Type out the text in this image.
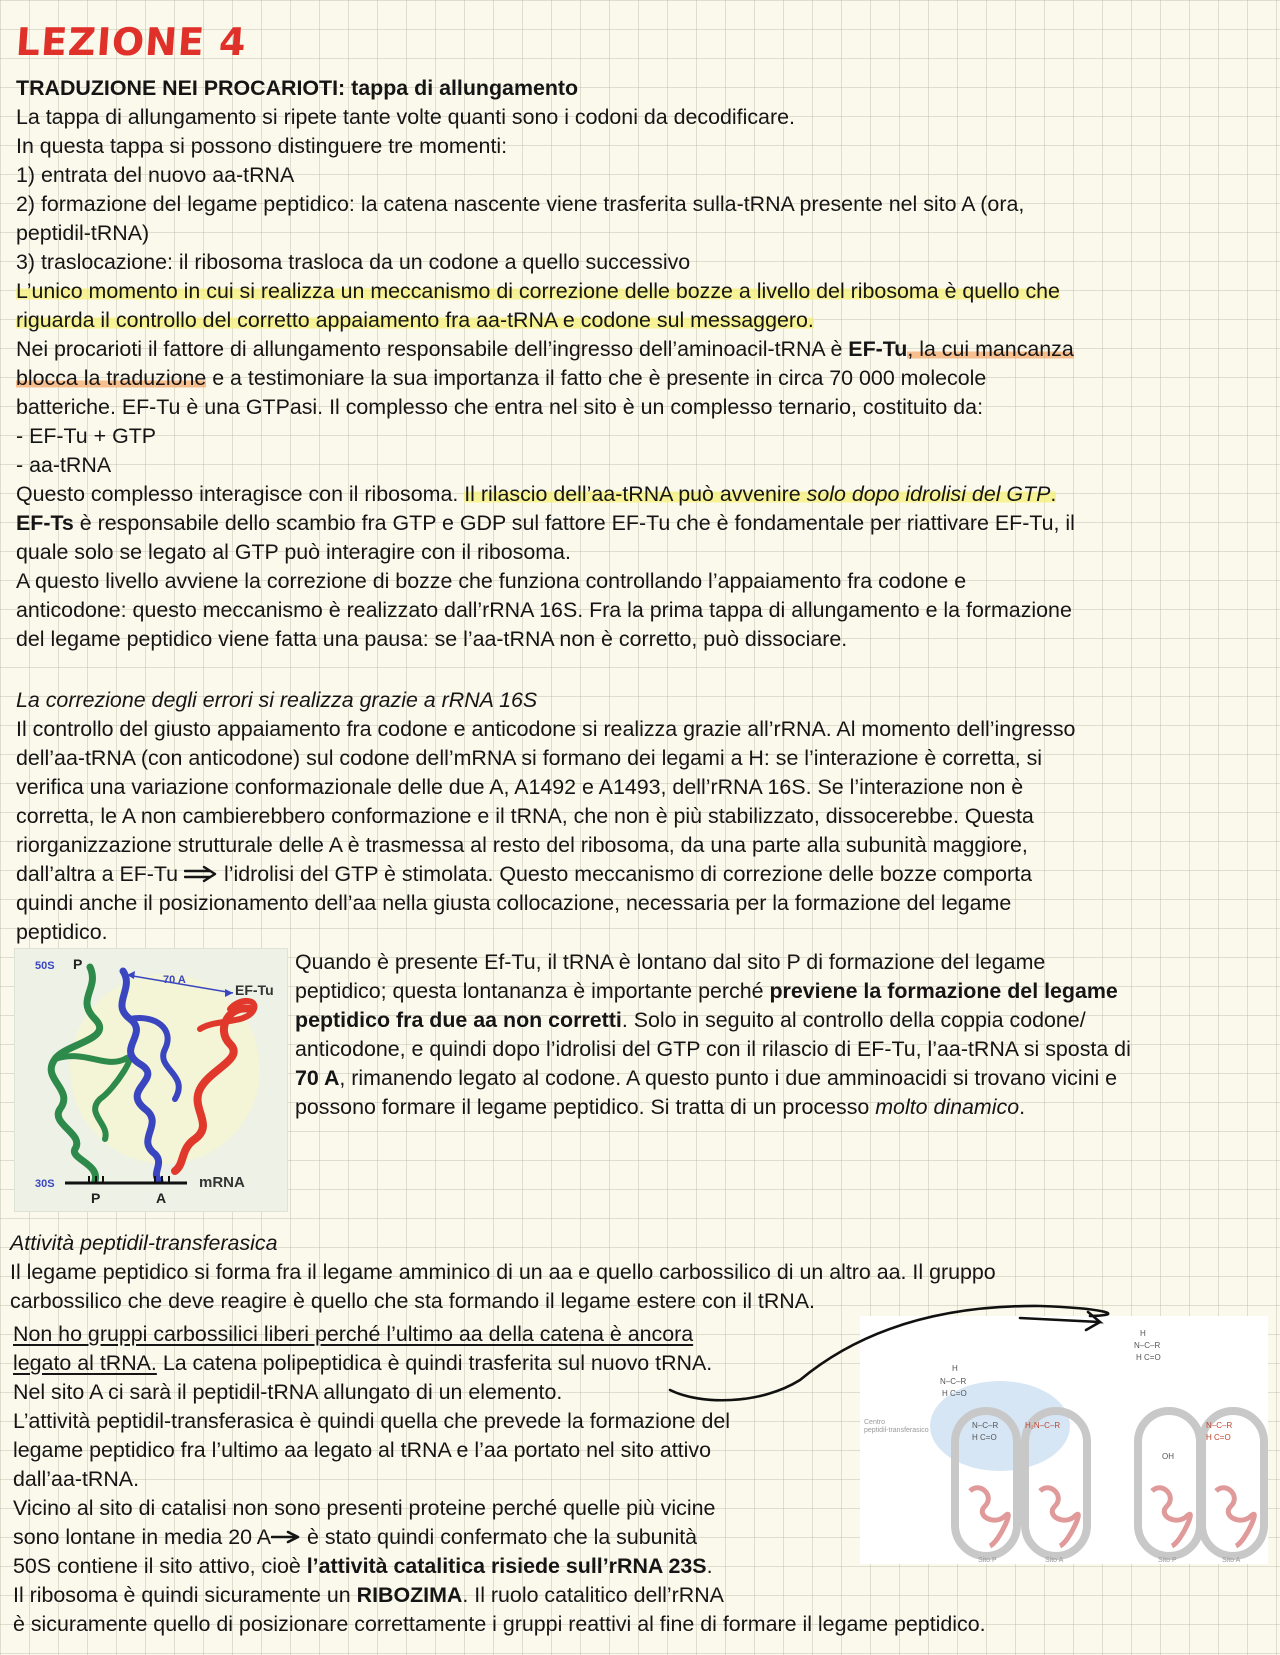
LEZIONE 4
TRADUZIONE NEI PROCARIOTI: tappa di allungamento
La tappa di allungamento si ripete tante volte quanti sono i codoni da decodificare.
In questa tappa si possono distinguere tre momenti:
1) entrata del nuovo aa-tRNA
2) formazione del legame peptidico: la catena nascente viene trasferita sulla-tRNA presente nel sito A (ora,
peptidil-tRNA)
3) traslocazione: il ribosoma trasloca da un codone a quello successivo
L’unico momento in cui si realizza un meccanismo di correzione delle bozze a livello del ribosoma è quello che
riguarda il controllo del corretto appaiamento fra aa-tRNA e codone sul messaggero.
Nei procarioti il fattore di allungamento responsabile dell’ingresso dell’aminoacil-tRNA è EF-Tu, la cui mancanza
blocca la traduzione e a testimoniare la sua importanza il fatto che è presente in circa 70 000 molecole
batteriche. EF-Tu è una GTPasi. Il complesso che entra nel sito è un complesso ternario, costituito da:
- EF-Tu + GTP
- aa-tRNA
Questo complesso interagisce con il ribosoma. Il rilascio dell’aa-tRNA può avvenire solo dopo idrolisi del GTP.
EF-Ts è responsabile dello scambio fra GTP e GDP sul fattore EF-Tu che è fondamentale per riattivare EF-Tu, il
quale solo se legato al GTP può interagire con il ribosoma.
A questo livello avviene la correzione di bozze che funziona controllando l’appaiamento fra codone e
anticodone: questo meccanismo è realizzato dall’rRNA 16S. Fra la prima tappa di allungamento e la formazione
del legame peptidico viene fatta una pausa: se l’aa-tRNA non è corretto, può dissociare.
La correzione degli errori si realizza grazie a rRNA 16S
Il controllo del giusto appaiamento fra codone e anticodone si realizza grazie all’rRNA. Al momento dell’ingresso
dell’aa-tRNA (con anticodone) sul codone dell’mRNA si formano dei legami a H: se l’interazione è corretta, si
verifica una variazione conformazionale delle due A, A1492 e A1493, dell’rRNA 16S. Se l’interazione non è
corretta, le A non cambierebbero conformazione e il tRNA, che non è più stabilizzato, dissocerebbe. Questa
riorganizzazione strutturale delle A è trasmessa al resto del ribosoma, da una parte alla subunità maggiore,
dall’altra a EF-Tu  l’idrolisi del GTP è stimolata. Questo meccanismo di correzione delle bozze comporta
quindi anche il posizionamento dell’aa nella giusta collocazione, necessaria per la formazione del legame
peptidico.
50S P
70 A
EF-Tu
30S
P	A
mRNA
Quando è presente Ef-Tu, il tRNA è lontano dal sito P di formazione del legame
peptidico; questa lontananza è importante perché previene la formazione del legame
peptidico fra due aa non corretti. Solo in seguito al controllo della coppia codone/
anticodone, e quindi dopo l’idrolisi del GTP con il rilascio di EF-Tu, l’aa-tRNA si sposta di
70 A, rimanendo legato al codone. A questo punto i due amminoacidi si trovano vicini e
possono formare il legame peptidico. Si tratta di un processo molto dinamico.
Attività peptidil-transferasica
Il legame peptidico si forma fra il legame amminico di un aa e quello carbossilico di un altro aa. Il gruppo
carbossilico che deve reagire è quello che sta formando il legame estere con il tRNA.
Non ho gruppi carbossilici liberi perché l’ultimo aa della catena è ancora
legato al tRNA. La catena polipeptidica è quindi trasferita sul nuovo tRNA.
Nel sito A ci sarà il peptidil-tRNA allungato di un elemento.
L’attività peptidil-transferasica è quindi quella che prevede la formazione del
legame peptidico fra l’ultimo aa legato al tRNA e l’aa portato nel sito attivo
dall’aa-tRNA.
Vicino al sito di catalisi non sono presenti proteine perché quelle più vicine
sono lontane in media 20 A è stato quindi confermato che la subunità
50S contiene il sito attivo, cioè l’attività catalitica risiede sull’rRNA 23S.
Il ribosoma è quindi sicuramente un RIBOZIMA. Il ruolo catalitico dell’rRNA
è sicuramente quello di posizionare correttamente i gruppi reattivi al fine di formare il legame peptidico.
H
N–C–R
H C=O
N–C–R
H C=O
H₂N–C–R
H
N–C–R
H C=O
N–C–R
H C=O
OH
Centro
peptidil-transferasico
Sito P	Sito A	Sito P	Sito A
